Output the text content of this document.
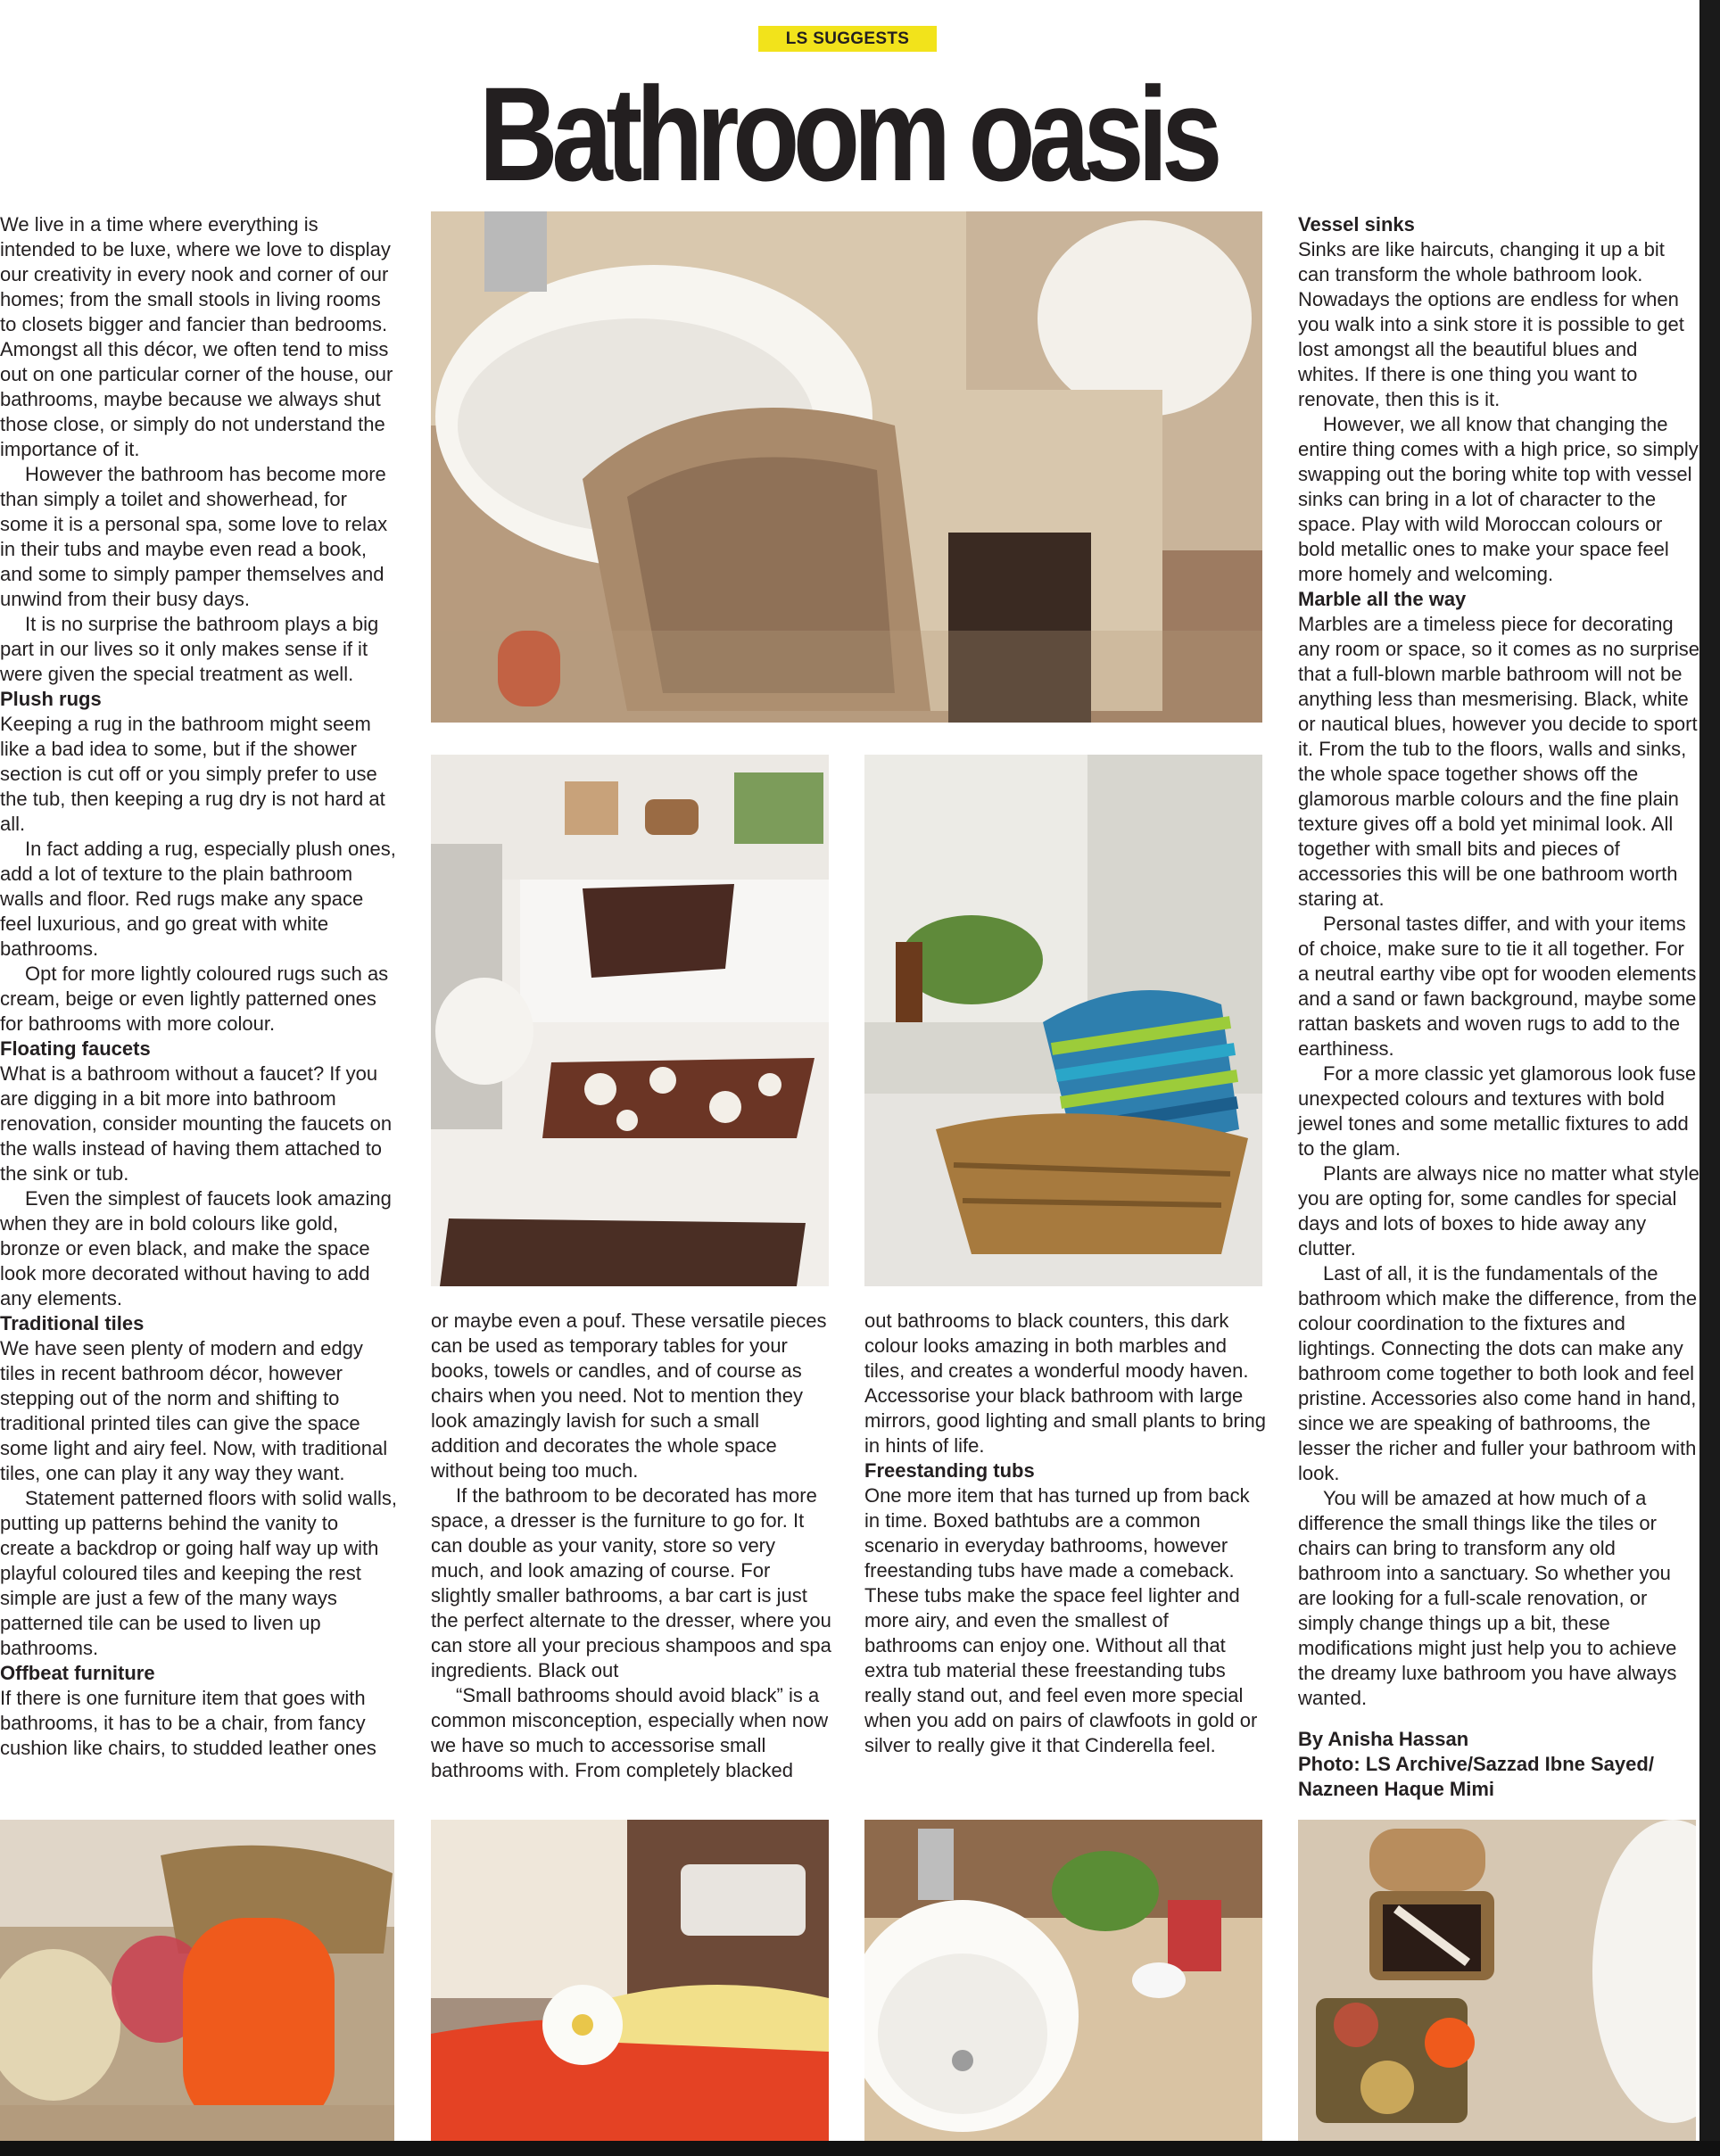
LS SUGGESTS
Bathroom oasis

We live in a time where everything is intended to be luxe, where we love to display our creativity in every nook and corner of our homes; from the small stools in living rooms to closets bigger and fancier than bedrooms. Amongst all this décor, we often tend to miss out on one particular corner of the house, our bathrooms, maybe because we always shut those close, or simply do not understand the importance of it.

However the bathroom has become more than simply a toilet and showerhead, for some it is a personal spa, some love to relax in their tubs and maybe even read a book, and some to simply pamper themselves and unwind from their busy days.

It is no surprise the bathroom plays a big part in our lives so it only makes sense if it were given the special treatment as well.

Plush rugs

Keeping a rug in the bathroom might seem like a bad idea to some, but if the shower section is cut off or you simply prefer to use the tub, then keeping a rug dry is not hard at all.

In fact adding a rug, especially plush ones, add a lot of texture to the plain bathroom walls and floor. Red rugs make any space feel luxurious, and go great with white bathrooms.

Opt for more lightly coloured rugs such as cream, beige or even lightly patterned ones for bathrooms with more colour.

Floating faucets

What is a bathroom without a faucet? If you are digging in a bit more into bathroom renovation, consider mounting the faucets on the walls instead of having them attached to the sink or tub.

Even the simplest of faucets look amazing when they are in bold colours like gold, bronze or even black, and make the space look more decorated without having to add any elements.

Traditional tiles

We have seen plenty of modern and edgy tiles in recent bathroom décor, however stepping out of the norm and shifting to traditional printed tiles can give the space some light and airy feel. Now, with traditional tiles, one can play it any way they want.

Statement patterned floors with solid walls, putting up patterns behind the vanity to create a backdrop or going half way up with playful coloured tiles and keeping the rest simple are just a few of the many ways patterned tile can be used to liven up bathrooms.

Offbeat furniture

If there is one furniture item that goes with bathrooms, it has to be a chair, from fancy cushion like chairs, to studded leather ones

or maybe even a pouf. These versatile pieces can be used as temporary tables for your books, towels or candles, and of course as chairs when you need. Not to mention they look amazingly lavish for such a small addition and decorates the whole space without being too much.

If the bathroom to be decorated has more space, a dresser is the furniture to go for. It can double as your vanity, store so very much, and look amazing of course. For slightly smaller bathrooms, a bar cart is just the perfect alternate to the dresser, where you can store all your precious shampoos and spa ingredients. Black out

“Small bathrooms should avoid black” is a common misconception, especially when now we have so much to accessorise small bathrooms with. From completely blacked

out bathrooms to black counters, this dark colour looks amazing in both marbles and tiles, and creates a wonderful moody haven. Accessorise your black bathroom with large mirrors, good lighting and small plants to bring in hints of life.

Freestanding tubs

One more item that has turned up from back in time. Boxed bathtubs are a common scenario in everyday bathrooms, however freestanding tubs have made a comeback. These tubs make the space feel lighter and more airy, and even the smallest of bathrooms can enjoy one. Without all that extra tub material these freestanding tubs really stand out, and feel even more special when you add on pairs of clawfoots in gold or silver to really give it that Cinderella feel.

Vessel sinks

Sinks are like haircuts, changing it up a bit can transform the whole bathroom look. Nowadays the options are endless for when you walk into a sink store it is possible to get lost amongst all the beautiful blues and whites. If there is one thing you want to renovate, then this is it.

However, we all know that changing the entire thing comes with a high price, so simply swapping out the boring white top with vessel sinks can bring in a lot of character to the space. Play with wild Moroccan colours or bold metallic ones to make your space feel more homely and welcoming.

Marble all the way

Marbles are a timeless piece for decorating any room or space, so it comes as no surprise that a full-blown marble bathroom will not be anything less than mesmerising. Black, white or nautical blues, however you decide to sport it. From the tub to the floors, walls and sinks, the whole space together shows off the glamorous marble colours and the fine plain texture gives off a bold yet minimal look. All together with small bits and pieces of accessories this will be one bathroom worth staring at.

Personal tastes differ, and with your items of choice, make sure to tie it all together. For a neutral earthy vibe opt for wooden elements and a sand or fawn background, maybe some rattan baskets and woven rugs to add to the earthiness.

For a more classic yet glamorous look fuse unexpected colours and textures with bold jewel tones and some metallic fixtures to add to the glam.

Plants are always nice no matter what style you are opting for, some candles for special days and lots of boxes to hide away any clutter.

Last of all, it is the fundamentals of the bathroom which make the difference, from the colour coordination to the fixtures and lightings. Connecting the dots can make any bathroom come together to both look and feel pristine. Accessories also come hand in hand, since we are speaking of bathrooms, the lesser the richer and fuller your bathroom with look.

You will be amazed at how much of a difference the small things like the tiles or chairs can bring to transform any old bathroom into a sanctuary. So whether you are looking for a full-scale renovation, or simply change things up a bit, these modifications might just help you to achieve the dreamy luxe bathroom you have always wanted.

By Anisha Hassan
Photo: LS Archive/Sazzad Ibne Sayed/
Nazneen Haque Mimi
